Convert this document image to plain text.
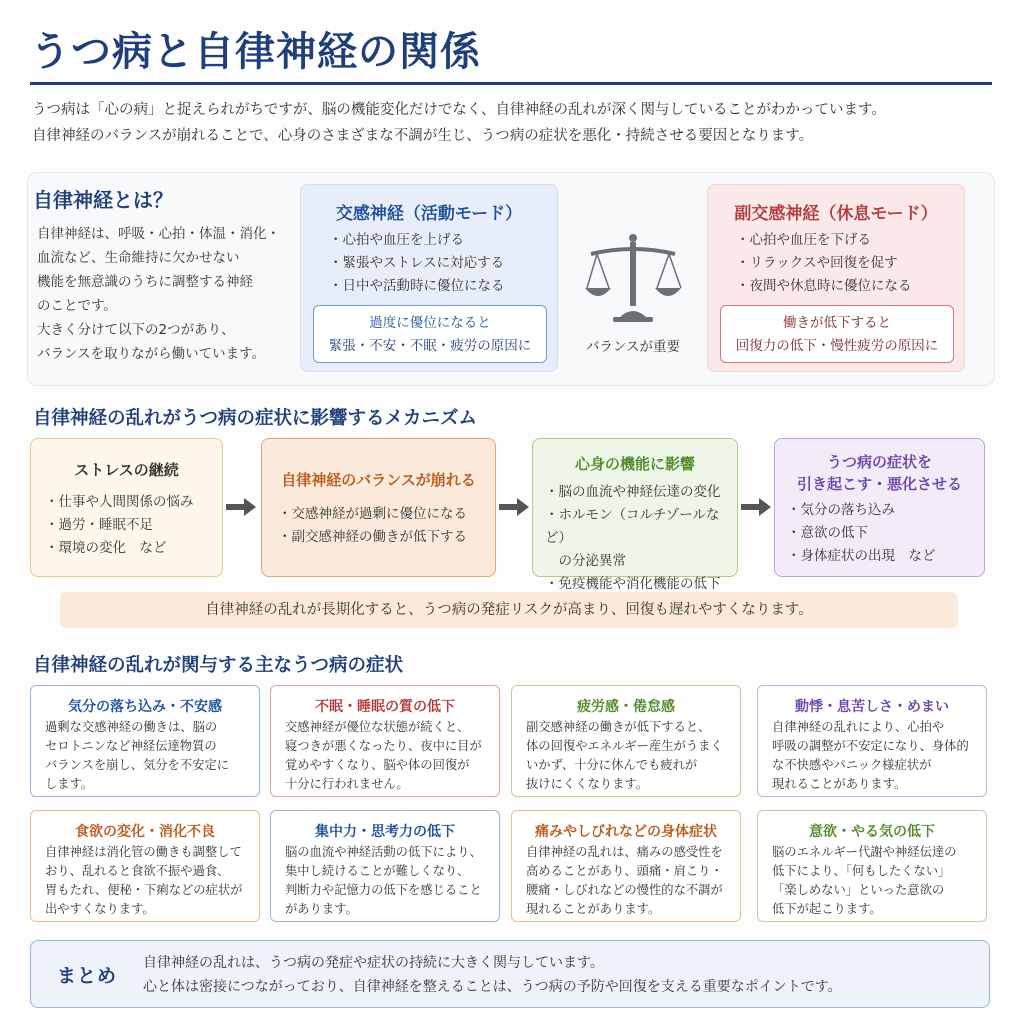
うつ病と自律神経の関係
うつ病は「心の病」と捉えられがちですが、脳の機能変化だけでなく、自律神経の乱れが深く関与していることがわかっています。
自律神経のバランスが崩れることで、心身のさまざまな不調が生じ、うつ病の症状を悪化・持続させる要因となります。
自律神経とは？
自律神経は、呼吸・心拍・体温・消化・
血流など、生命維持に欠かせない
機能を無意識のうちに調整する神経
のことです。
大きく分けて以下の2つがあり、
バランスを取りながら働いています。
交感神経（活動モード）
・心拍や血圧を上げる
・緊張やストレスに対応する
・日中や活動時に優位になる
過度に優位になると
緊張・不安・不眠・疲労の原因に	バランスが重要
副交感神経（休息モード）
・心拍や血圧を下げる
・リラックスや回復を促す
・夜間や休息時に優位になる
働きが低下すると
回復力の低下・慢性疲労の原因に
自律神経の乱れがうつ病の症状に影響するメカニズム
ストレスの継続
・仕事や人間関係の悩み
・過労・睡眠不足
・環境の変化　など
自律神経のバランスが崩れる
・交感神経が過剰に優位になる
・副交感神経の働きが低下する
心身の機能に影響
・脳の血流や神経伝達の変化
・ホルモン（コルチゾールなど）
　の分泌異常
・免疫機能や消化機能の低下
うつ病の症状を
引き起こす・悪化させる
・気分の落ち込み
・意欲の低下
・身体症状の出現　など
自律神経の乱れが長期化すると、うつ病の発症リスクが高まり、回復も遅れやすくなります。
自律神経の乱れが関与する主なうつ病の症状
気分の落ち込み・不安感
過剰な交感神経の働きは、脳の
セロトニンなど神経伝達物質の
バランスを崩し、気分を不安定に
します。
不眠・睡眠の質の低下
交感神経が優位な状態が続くと、
寝つきが悪くなったり、夜中に目が
覚めやすくなり、脳や体の回復が
十分に行われません。
疲労感・倦怠感
副交感神経の働きが低下すると、
体の回復やエネルギー産生がうまく
いかず、十分に休んでも疲れが
抜けにくくなります。
動悸・息苦しさ・めまい
自律神経の乱れにより、心拍や
呼吸の調整が不安定になり、身体的
な不快感やパニック様症状が
現れることがあります。
食欲の変化・消化不良
自律神経は消化管の働きも調整して
おり、乱れると食欲不振や過食、
胃もたれ、便秘・下痢などの症状が
出やすくなります。
集中力・思考力の低下
脳の血流や神経活動の低下により、
集中し続けることが難しくなり、
判断力や記憶力の低下を感じること
があります。
痛みやしびれなどの身体症状
自律神経の乱れは、痛みの感受性を
高めることがあり、頭痛・肩こり・
腰痛・しびれなどの慢性的な不調が
現れることがあります。
意欲・やる気の低下
脳のエネルギー代謝や神経伝達の
低下により、「何もしたくない」
「楽しめない」といった意欲の
低下が起こります。
まとめ
自律神経の乱れは、うつ病の発症や症状の持続に大きく関与しています。
心と体は密接につながっており、自律神経を整えることは、うつ病の予防や回復を支える重要なポイントです。
